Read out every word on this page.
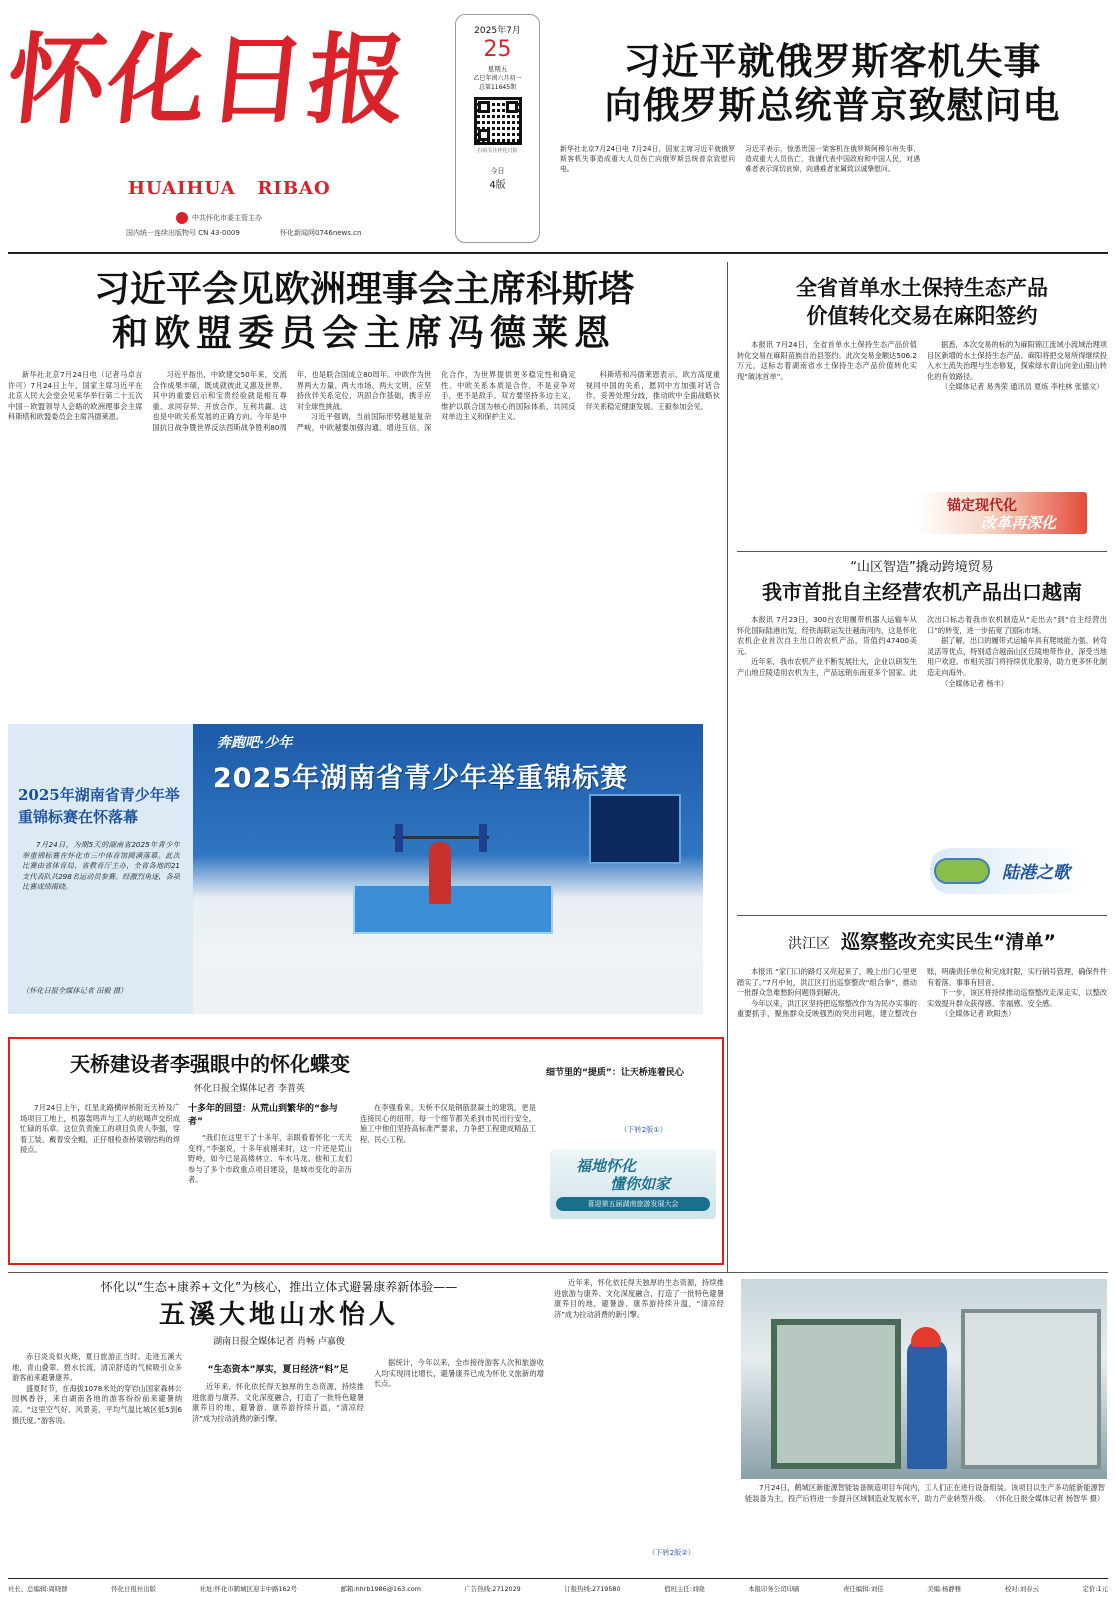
怀化日报
HUAIHUA   RIBAO
中共怀化市委主管主办
国内统一连续出版物号 CN 43-0009	怀化新闻网0746news.cn
2025年7月
25
星期五
乙巳年闰六月初一
总第11645期
扫码关注怀化日报
今日
4版
习近平就俄罗斯客机失事
向俄罗斯总统普京致慰问电

新华社北京7月24日电 7月24日，国家主席习近平就俄罗斯客机失事造成重大人员伤亡向俄罗斯总统普京致慰问电。

习近平表示，惊悉贵国一架客机在俄罗斯阿穆尔州失事，造成重大人员伤亡，我谨代表中国政府和中国人民，对遇难者表示深切哀悼，向遇难者家属致以诚挚慰问。

习近平会见欧洲理事会主席科斯塔
和欧盟委员会主席冯德莱恩

新华社北京7月24日电（记者马卓言 许可）7月24日上午，国家主席习近平在北京人民大会堂会见来华举行第二十五次中国－欧盟领导人会晤的欧洲理事会主席科斯塔和欧盟委员会主席冯德莱恩。

习近平指出，中欧建交50年来，交流合作成果丰硕，既成就彼此又惠及世界。其中的重要启示和宝贵经验就是相互尊重、求同存异、开放合作、互利共赢。这也是中欧关系发展的正确方向。今年是中国抗日战争暨世界反法西斯战争胜利80周年，也是联合国成立80周年。中欧作为世界两大力量、两大市场、两大文明，应坚持伙伴关系定位，巩固合作基础，携手应对全球性挑战。

习近平强调，当前国际形势越是复杂严峻，中欧越要加强沟通、增进互信、深化合作，为世界提供更多稳定性和确定性。中欧关系本质是合作，不是竞争对手，更不是敌手。双方要坚持多边主义，维护以联合国为核心的国际体系，共同反对单边主义和保护主义。

科斯塔和冯德莱恩表示，欧方高度重视同中国的关系，愿同中方加强对话合作，妥善处理分歧，推动欧中全面战略伙伴关系稳定健康发展。王毅参加会见。

全省首单水土保持生态产品
价值转化交易在麻阳签约

本报讯 7月24日，全省首单水土保持生态产品价值转化交易在麻阳苗族自治县签约。此次交易金额达506.2万元，这标志着湖南省水土保持生态产品价值转化实现“破冰首单”。

据悉，本次交易的标的为麻阳锦江流域小流域治理项目区新增的水土保持生态产品。麻阳将把交易所得继续投入水土流失治理与生态修复，探索绿水青山向金山银山转化的有效路径。

（全媒体记者 易秀荣 通讯员 夏炼 李柱林 张德文）

锚定现代化
改革再深化
“山区智造”撬动跨境贸易
我市首批自主经营农机产品出口越南

本报讯 7月23日，300台农用履带机器人运输车从怀化国际陆港出发，经铁海联运发往越南河内，这是怀化农机企业首次自主出口的农机产品，货值约47400美元。

近年来，我市农机产业不断发展壮大，企业以研发生产山地丘陵适用农机为主，产品远销东南亚多个国家。此次出口标志着我市农机制造从“走出去”到“自主经营出口”的转变，进一步拓宽了国际市场。

据了解，出口的履带式运输车具有爬坡能力强、转弯灵活等优点，特别适合越南山区丘陵地带作业，深受当地用户欢迎。市相关部门将持续优化服务，助力更多怀化制造走向海外。

（全媒体记者 杨丰）

陆港之歌
洪江区 巡察整改充实民生“清单”

本报讯 “家门口的路灯又亮起来了，晚上出门心里更踏实了。”7月中旬，洪江区打出巡察整改“组合拳”，推动一批群众急难愁盼问题得到解决。

今年以来，洪江区坚持把巡察整改作为为民办实事的重要抓手，聚焦群众反映强烈的突出问题，建立整改台账，明确责任单位和完成时限，实行销号管理，确保件件有着落、事事有回音。

下一步，该区将持续推动巡察整改走深走实，以整改实效提升群众获得感、幸福感、安全感。

（全媒体记者 欧阳杰）

2025年湖南省青少年举重锦标赛在怀落幕
7月24日，为期5天的湖南省2025年青少年举重锦标赛在怀化市三中体育馆圆满落幕。此次比赛由省体育局、省教育厅主办，全省各地的21支代表队共298名运动员参赛。经激烈角逐，各项比赛成绩揭晓。
（怀化日报全媒体记者 田毅 摄）
奔跑吧·少年
2025年湖南省青少年举重锦标赛
天桥建设者李强眼中的怀化蝶变
怀化日报全媒体记者 李普英
7月24日上午，红星北路横岸桥附近天桥及广场项目工地上，机器轰鸣声与工人的吆喝声交织成忙碌的乐章。这位负责施工的项目负责人李强，穿着工装、戴着安全帽，正仔细检查桥梁钢结构的焊接点。
十多年的回望：从荒山到繁华的“参与者”
“我们在这里干了十多年，亲眼看着怀化一天天变样。”李强说，十多年前刚来时，这一片还是荒山野岭，如今已是高楼林立、车水马龙。他和工友们参与了多个市政重点项目建设，是城市变化的亲历者。
在李强看来，天桥不仅是钢筋混凝土的建筑，更是连接民心的纽带。每一个细节都关系到市民出行安全，施工中他们坚持高标准严要求，力争把工程建成精品工程、民心工程。
细节里的“提质”：让天桥连着民心
（下转2版①）
福地怀化
懂你如家
喜迎第五届湖南旅游发展大会
怀化以“生态+康养+文化”为核心，推出立体式避暑康养新体验——
五溪大地山水怡人
湖南日报全媒体记者 肖畅 卢嘉俊

赤日炎炎似火烧，夏日旅游正当时。走进五溪大地，青山叠翠、碧水长流，清凉舒适的气候吸引众多游客前来避暑康养。

盛夏时节，在海拔1078米处的穿岩山国家森林公园枫香谷，来自湖南各地的游客纷纷前来避暑纳凉。“这里空气好、风景美，平均气温比城区低5到6摄氏度。”游客说。

“生态资本”厚实，夏日经济“料”足
近年来，怀化依托得天独厚的生态资源，持续推进旅游与康养、文化深度融合，打造了一批特色避暑康养目的地，避暑游、康养游持续升温，“清凉经济”成为拉动消费的新引擎。
据统计，今年以来，全市接待游客人次和旅游收入均实现同比增长，避暑康养已成为怀化文旅新的增长点。
（下转2版②）

近年来，怀化依托得天独厚的生态资源，持续推进旅游与康养、文化深度融合，打造了一批特色避暑康养目的地，避暑游、康养游持续升温，“清凉经济”成为拉动消费的新引擎。

7月24日，鹤城区新能源智能装备制造项目车间内，工人们正在进行设备组装。该项目以生产多功能新能源智能装备为主，投产后将进一步提升区域制造业发展水平，助力产业转型升级。 （怀化日报全媒体记者 杨智华 摄）
社长、总编辑:周晓群	怀化日报社出版	社址:怀化市鹤城区迎丰中路162号	邮箱:hhrb1986@163.com	广告热线:2712029	订报热线:2719580	值班主任:刘晓	本报印务公司印刷	责任编辑:刘佳	美编:杨静雅	校对:刘春云	定价:1元
